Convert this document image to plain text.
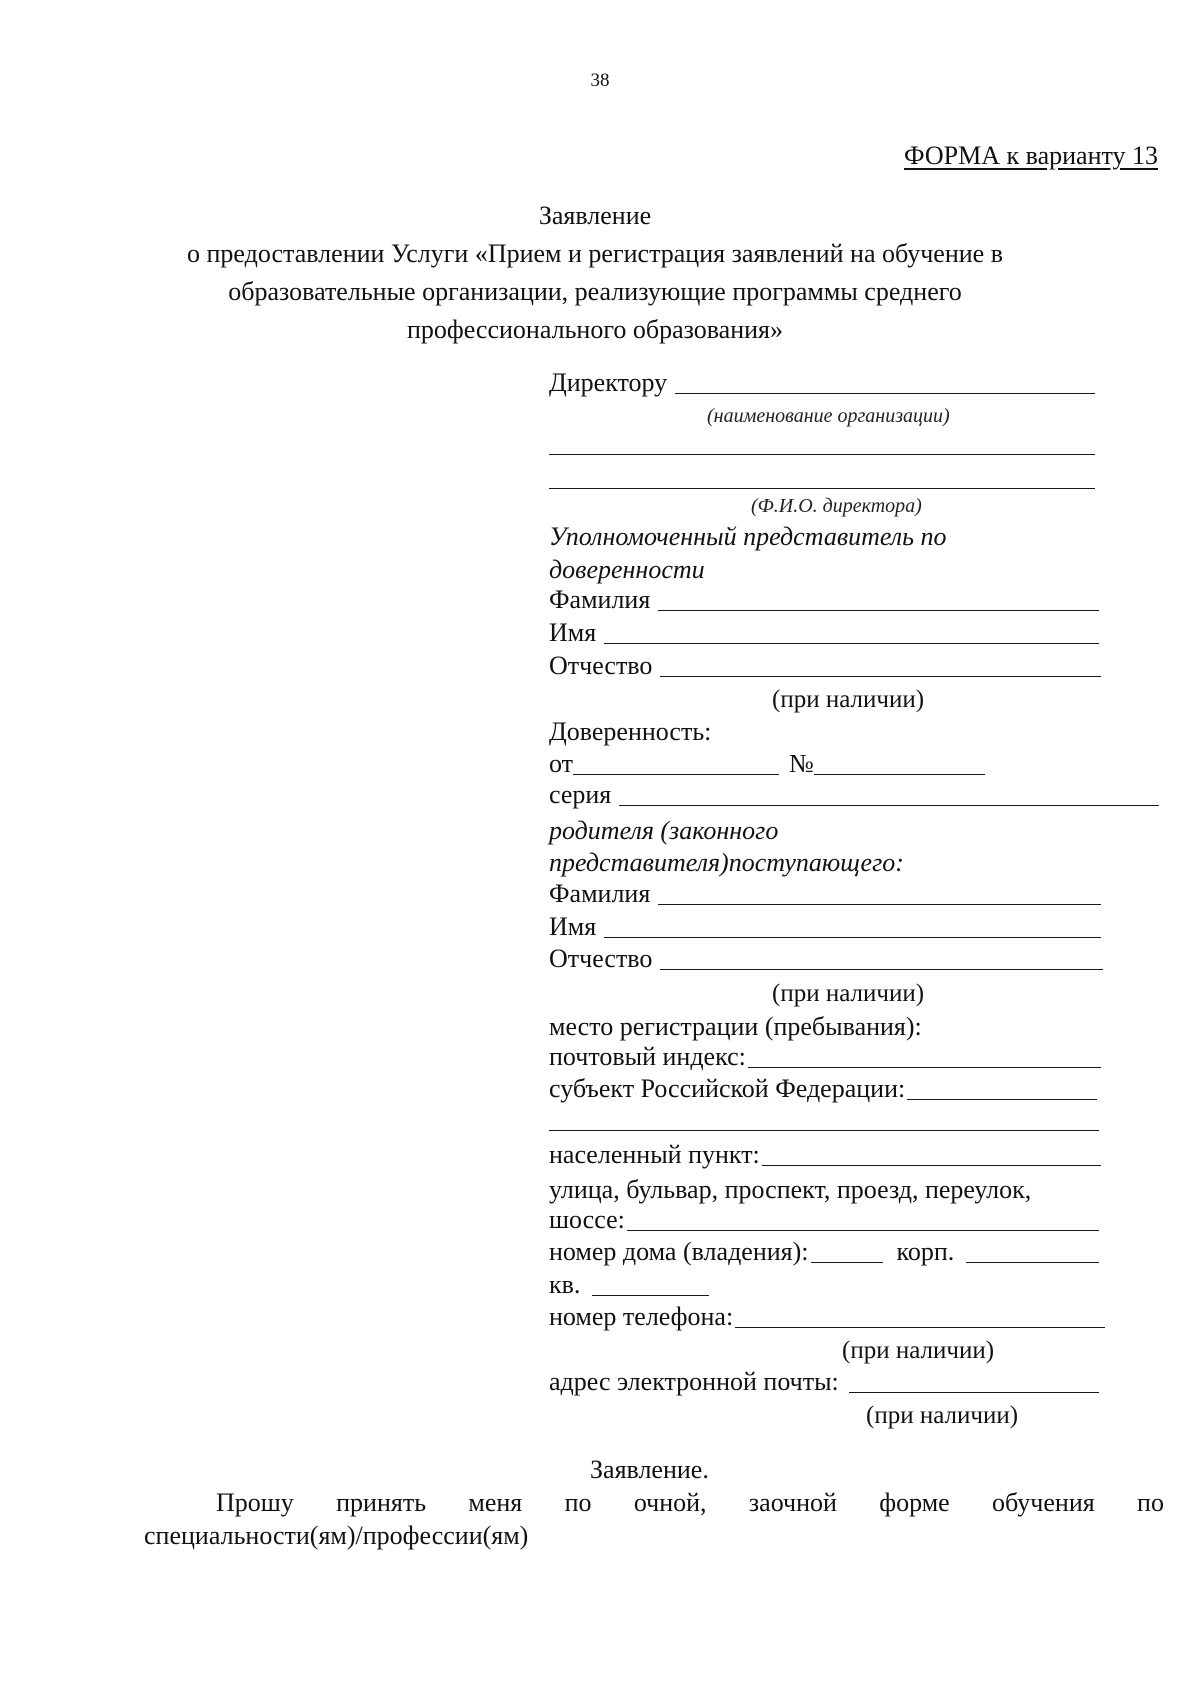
38
ФОРМА к варианту 13
Заявление
о предоставлении Услуги «Прием и регистрация заявлений на обучение в
образовательные организации, реализующие программы среднего
профессионального образования»
Директору
(наименование организации)
(Ф.И.О. директора)
Уполномоченный представитель по
доверенности
Фамилия
Имя
Отчество
(при наличии)
Доверенность:
от	№
серия
родителя (законного
представителя)поступающего:
Фамилия
Имя
Отчество
(при наличии)
место регистрации (пребывания):
почтовый индекс:
субъект Российской Федерации:
населенный пункт:
улица, бульвар, проспект, проезд, переулок,
шоссе:
номер дома (владения):	корп.
кв.
номер телефона:
(при наличии)
адрес электронной почты:
(при наличии)
Заявление.
Прошу принять меня по очной, заочной форме обучения по
специальности(ям)/профессии(ям)
